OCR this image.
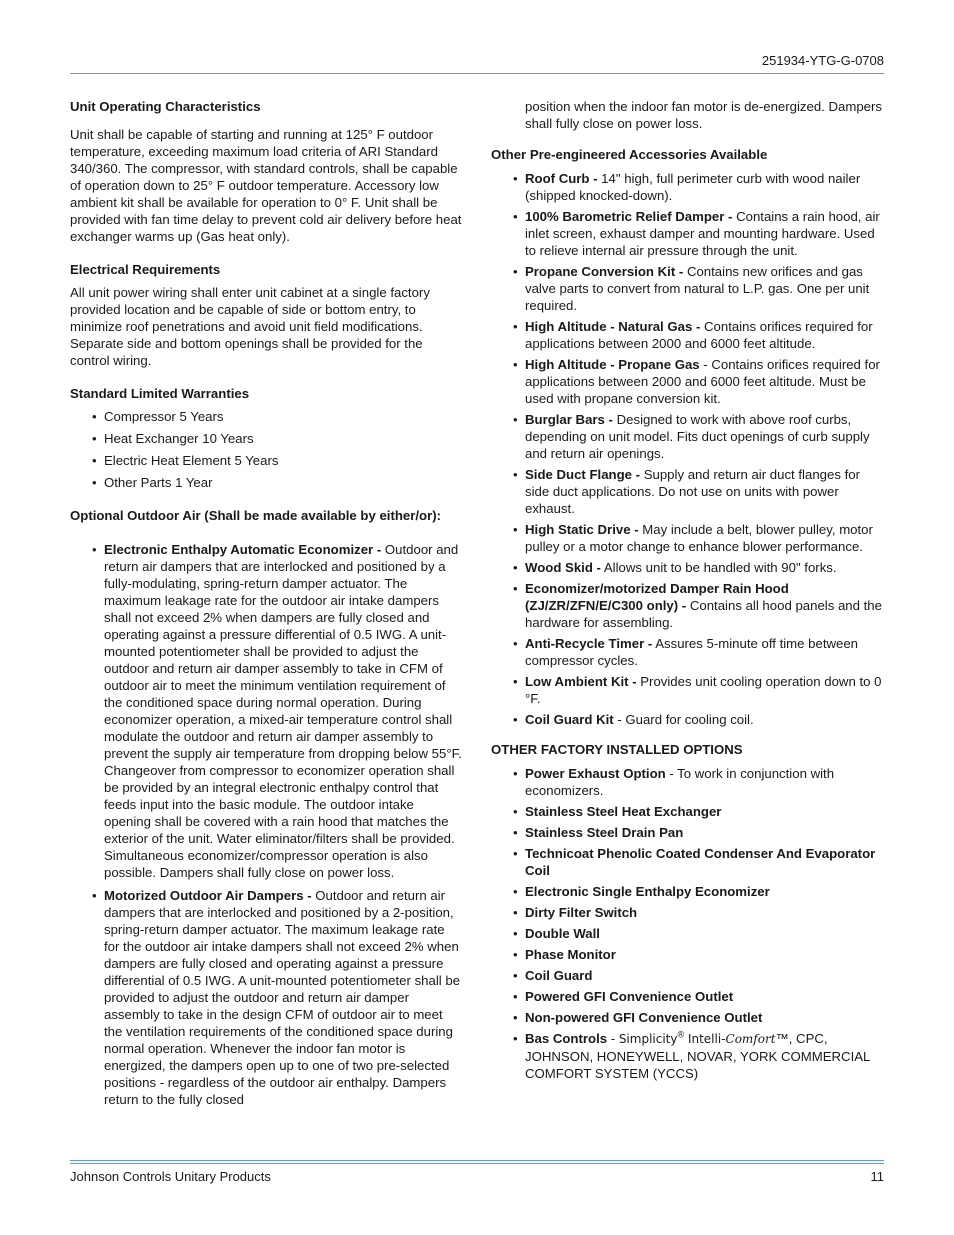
251934-YTG-G-0708
Unit Operating Characteristics

Unit shall be capable of starting and running at 125° F outdoor temperature, exceeding maximum load criteria of ARI Standard 340/360. The compressor, with standard controls, shall be capable of operation down to 25° F outdoor temperature. Accessory low ambient kit shall be available for operation to 0° F. Unit shall be provided with fan time delay to prevent cold air delivery before heat exchanger warms up (Gas heat only).

Electrical Requirements

All unit power wiring shall enter unit cabinet at a single factory provided location and be capable of side or bottom entry, to minimize roof penetrations and avoid unit field modifications. Separate side and bottom openings shall be provided for the control wiring.

Standard Limited Warranties
• Compressor 5 Years
• Heat Exchanger 10 Years
• Electric Heat Element 5 Years
• Other Parts 1 Year
Optional Outdoor Air (Shall be made available by either/or):
• Electronic Enthalpy Automatic Economizer - Outdoor and return air dampers that are interlocked and positioned by a fully-modulating, spring-return damper actuator. The maximum leakage rate for the outdoor air intake dampers shall not exceed 2% when dampers are fully closed and operating against a pressure differential of 0.5 IWG. A unit-mounted potentiometer shall be provided to adjust the outdoor and return air damper assembly to take in CFM of outdoor air to meet the minimum ventilation requirement of the conditioned space during normal operation. During economizer operation, a mixed-air temperature control shall modulate the outdoor and return air damper assembly to prevent the supply air temperature from dropping below 55°F. Changeover from compressor to economizer operation shall be provided by an integral electronic enthalpy control that feeds input into the basic module. The outdoor intake opening shall be covered with a rain hood that matches the exterior of the unit. Water eliminator/filters shall be provided. Simultaneous economizer/compressor operation is also possible. Dampers shall fully close on power loss.
• Motorized Outdoor Air Dampers - Outdoor and return air dampers that are interlocked and positioned by a 2-position, spring-return damper actuator. The maximum leakage rate for the outdoor air intake dampers shall not exceed 2% when dampers are fully closed and operating against a pressure differential of 0.5 IWG. A unit-mounted potentiometer shall be provided to adjust the outdoor and return air damper assembly to take in the design CFM of outdoor air to meet the ventilation requirements of the conditioned space during normal operation. Whenever the indoor fan motor is energized, the dampers open up to one of two pre-selected positions - regardless of the outdoor air enthalpy. Dampers return to the fully closed

position when the indoor fan motor is de-energized. Dampers shall fully close on power loss.

Other Pre-engineered Accessories Available
• Roof Curb - 14" high, full perimeter curb with wood nailer (shipped knocked-down).
• 100% Barometric Relief Damper - Contains a rain hood, air inlet screen, exhaust damper and mounting hardware. Used to relieve internal air pressure through the unit.
• Propane Conversion Kit - Contains new orifices and gas valve parts to convert from natural to L.P. gas. One per unit required.
• High Altitude - Natural Gas - Contains orifices required for applications between 2000 and 6000 feet altitude.
• High Altitude - Propane Gas - Contains orifices required for applications between 2000 and 6000 feet altitude. Must be used with propane conversion kit.
• Burglar Bars - Designed to work with above roof curbs, depending on unit model. Fits duct openings of curb supply and return air openings.
• Side Duct Flange - Supply and return air duct flanges for side duct applications. Do not use on units with power exhaust.
• High Static Drive - May include a belt, blower pulley, motor pulley or a motor change to enhance blower performance.
• Wood Skid - Allows unit to be handled with 90" forks.
• Economizer/motorized Damper Rain Hood (ZJ/ZR/ZFN/E/C300 only) - Contains all hood panels and the hardware for assembling.
• Anti-Recycle Timer - Assures 5-minute off time between compressor cycles.
• Low Ambient Kit - Provides unit cooling operation down to 0 °F.
• Coil Guard Kit - Guard for cooling coil.
OTHER FACTORY INSTALLED OPTIONS
• Power Exhaust Option - To work in conjunction with economizers.
• Stainless Steel Heat Exchanger
• Stainless Steel Drain Pan
• Technicoat Phenolic Coated Condenser And Evaporator Coil
• Electronic Single Enthalpy Economizer
• Dirty Filter Switch
• Double Wall
• Phase Monitor
• Coil Guard
• Powered GFI Convenience Outlet
• Non-powered GFI Convenience Outlet
• Bas Controls - Simplicity® Intelli-Comfort™, CPC, JOHNSON, HONEYWELL, NOVAR, YORK COMMERCIAL COMFORT SYSTEM (YCCS)
Johnson Controls Unitary Products	11
